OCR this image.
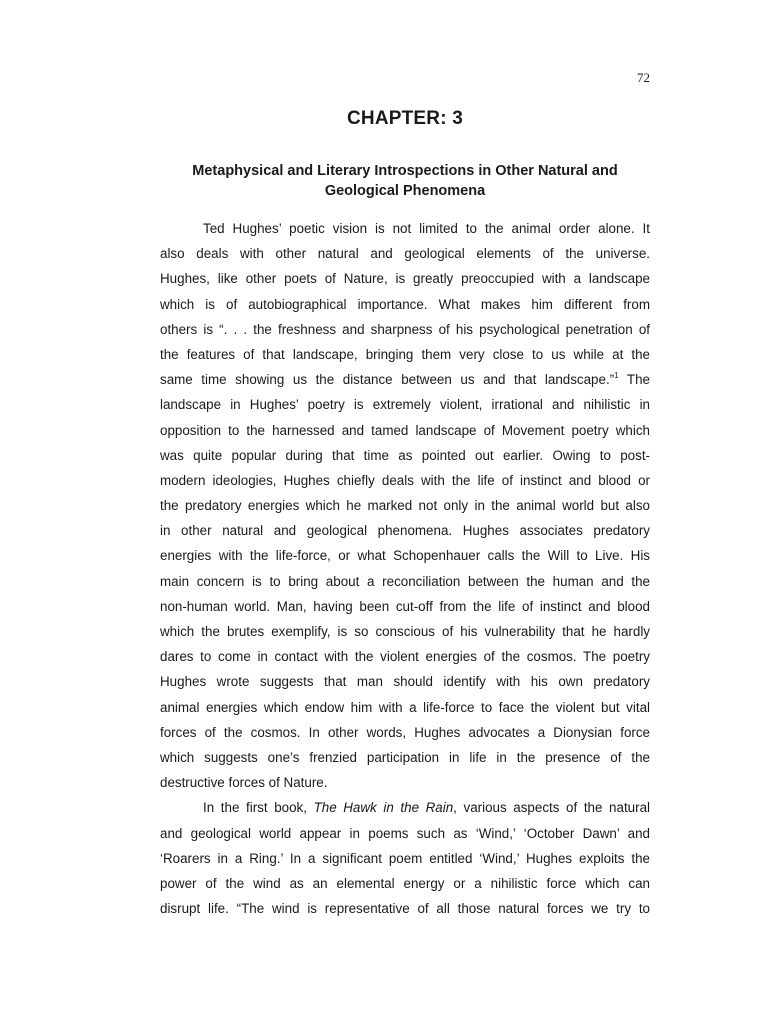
72
CHAPTER: 3
Metaphysical and Literary Introspections in Other Natural and
Geological Phenomena
Ted Hughes’ poetic vision is not limited to the animal order alone. It
also deals with other natural and geological elements of the universe.
Hughes, like other poets of Nature, is greatly preoccupied with a landscape
which is of autobiographical importance. What makes him different from
others is “. . . the freshness and sharpness of his psychological penetration of
the features of that landscape, bringing them very close to us while at the
same time showing us the distance between us and that landscape.”$^1$ The
landscape in Hughes’ poetry is extremely violent, irrational and nihilistic in
opposition to the harnessed and tamed landscape of Movement poetry which
was quite popular during that time as pointed out earlier. Owing to post-
modern ideologies, Hughes chiefly deals with the life of instinct and blood or
the predatory energies which he marked not only in the animal world but also
in other natural and geological phenomena. Hughes associates predatory
energies with the life-force, or what Schopenhauer calls the Will to Live. His
main concern is to bring about a reconciliation between the human and the
non-human world. Man, having been cut-off from the life of instinct and blood
which the brutes exemplify, is so conscious of his vulnerability that he hardly
dares to come in contact with the violent energies of the cosmos. The poetry
Hughes wrote suggests that man should identify with his own predatory
animal energies which endow him with a life-force to face the violent but vital
forces of the cosmos. In other words, Hughes advocates a Dionysian force
which suggests one’s frenzied participation in life in the presence of the
destructive forces of Nature.
In the first book, The Hawk in the Rain, various aspects of the natural
and geological world appear in poems such as ‘Wind,’ ‘October Dawn’ and
‘Roarers in a Ring.’ In a significant poem entitled ‘Wind,’ Hughes exploits the
power of the wind as an elemental energy or a nihilistic force which can
disrupt life. “The wind is representative of all those natural forces we try to
